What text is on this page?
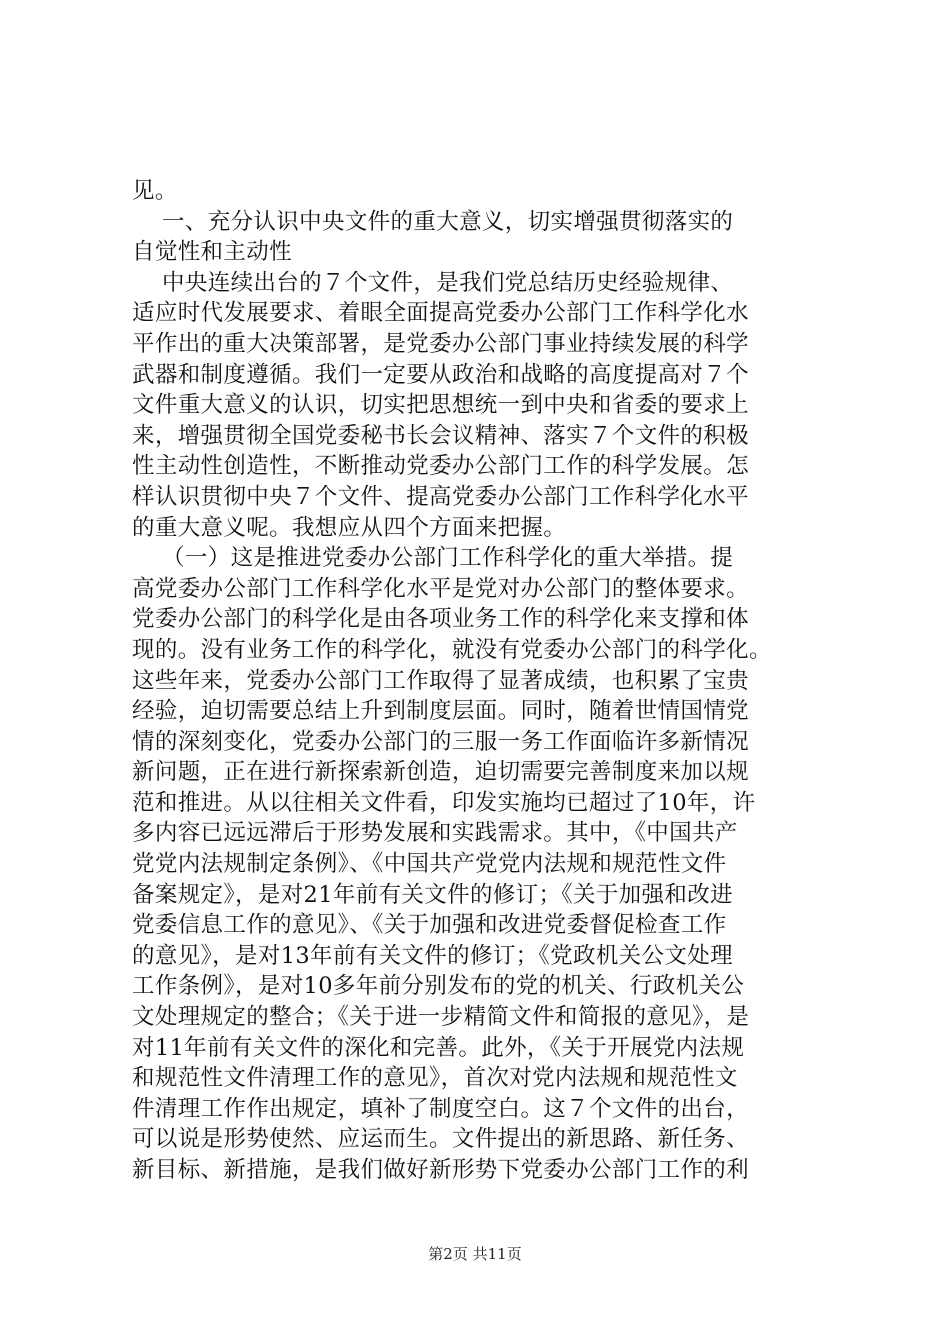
见。

一、充分认识中央文件的重大意义，切实增强贯彻落实的

自觉性和主动性

中央连续出台的７个文件，是我们党总结历史经验规律、

适应时代发展要求、着眼全面提高党委办公部门工作科学化水

平作出的重大决策部署，是党委办公部门事业持续发展的科学

武器和制度遵循。我们一定要从政治和战略的高度提高对７个

文件重大意义的认识，切实把思想统一到中央和省委的要求上

来，增强贯彻全国党委秘书长会议精神、落实７个文件的积极

性主动性创造性，不断推动党委办公部门工作的科学发展。怎

样认识贯彻中央７个文件、提高党委办公部门工作科学化水平

的重大意义呢。我想应从四个方面来把握。

（一）这是推进党委办公部门工作科学化的重大举措。提

高党委办公部门工作科学化水平是党对办公部门的整体要求。

党委办公部门的科学化是由各项业务工作的科学化来支撑和体

现的。没有业务工作的科学化，就没有党委办公部门的科学化。

这些年来，党委办公部门工作取得了显著成绩，也积累了宝贵

经验，迫切需要总结上升到制度层面。同时，随着世情国情党

情的深刻变化，党委办公部门的三服一务工作面临许多新情况

新问题，正在进行新探索新创造，迫切需要完善制度来加以规

范和推进。从以往相关文件看，印发实施均已超过了10年，许

多内容已远远滞后于形势发展和实践需求。其中，《中国共产

党党内法规制定条例》、《中国共产党党内法规和规范性文件

备案规定》，是对21年前有关文件的修订；《关于加强和改进

党委信息工作的意见》、《关于加强和改进党委督促检查工作

的意见》，是对13年前有关文件的修订；《党政机关公文处理

工作条例》，是对10多年前分别发布的党的机关、行政机关公

文处理规定的整合；《关于进一步精简文件和简报的意见》，是

对11年前有关文件的深化和完善。此外，《关于开展党内法规

和规范性文件清理工作的意见》，首次对党内法规和规范性文

件清理工作作出规定，填补了制度空白。这７个文件的出台，

可以说是形势使然、应运而生。文件提出的新思路、新任务、

新目标、新措施，是我们做好新形势下党委办公部门工作的利

第2页 共11页
